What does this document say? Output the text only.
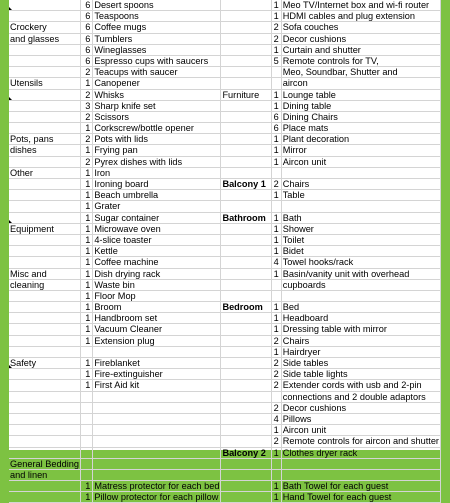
	6	Desert spoons		1	Meo TV/Internet box and wi-fi router
	6	Teaspoons		1	HDMI cables and plug extension
Crockery	6	Coffee mugs		2	Sofa couches
and glasses	6	Tumblers		2	Decor cushions
	6	Wineglasses		1	Curtain and shutter
	6	Espresso cups with saucers		5	Remote controls for TV,
	2	Teacups with saucer			Meo, Soundbar, Shutter and
Utensils	1	Canopener			aircon
	2	Whisks	Furniture	1	Lounge table
	3	Sharp knife set		1	Dining table
	2	Scissors		6	Dining Chairs
	1	Corkscrew/bottle opener		6	Place mats
Pots, pans	2	Pots with lids		1	Plant decoration
dishes	1	Frying pan		1	Mirror
	2	Pyrex dishes with lids		1	Aircon unit
Other	1	Iron			
	1	Ironing board	Balcony 1	2	Chairs
	1	Beach umbrella		1	Table
	1	Grater			
	1	Sugar container	Bathroom	1	Bath
Equipment	1	Microwave oven		1	Shower
	1	4-slice toaster		1	Toilet
	1	Kettle		1	Bidet
	1	Coffee machine		4	Towel hooks/rack
Misc and	1	Dish drying rack		1	Basin/vanity unit with overhead
cleaning	1	Waste bin			cupboards
	1	Floor Mop			
	1	Broom	Bedroom	1	Bed
	1	Handbroom set		1	Headboard
	1	Vacuum Cleaner		1	Dressing table with mirror
	1	Extension plug		2	Chairs
				1	Hairdryer
Safety	1	Fireblanket		2	Side tables
	1	Fire-extinguisher		2	Side table lights
	1	First Aid kit		2	Extender cords with usb and 2-pin
					connections and 2 double adaptors
				2	Decor cushions
				4	Pillows
				1	Aircon unit
				2	Remote controls for aircon and shutter
			Balcony 2	1	Clothes dryer rack
General Bedding					
and linen					
	1	Matress protector for each bed		1	Bath Towel for each guest
	1	Pillow protector for each pillow		1	Hand Towel for each guest
